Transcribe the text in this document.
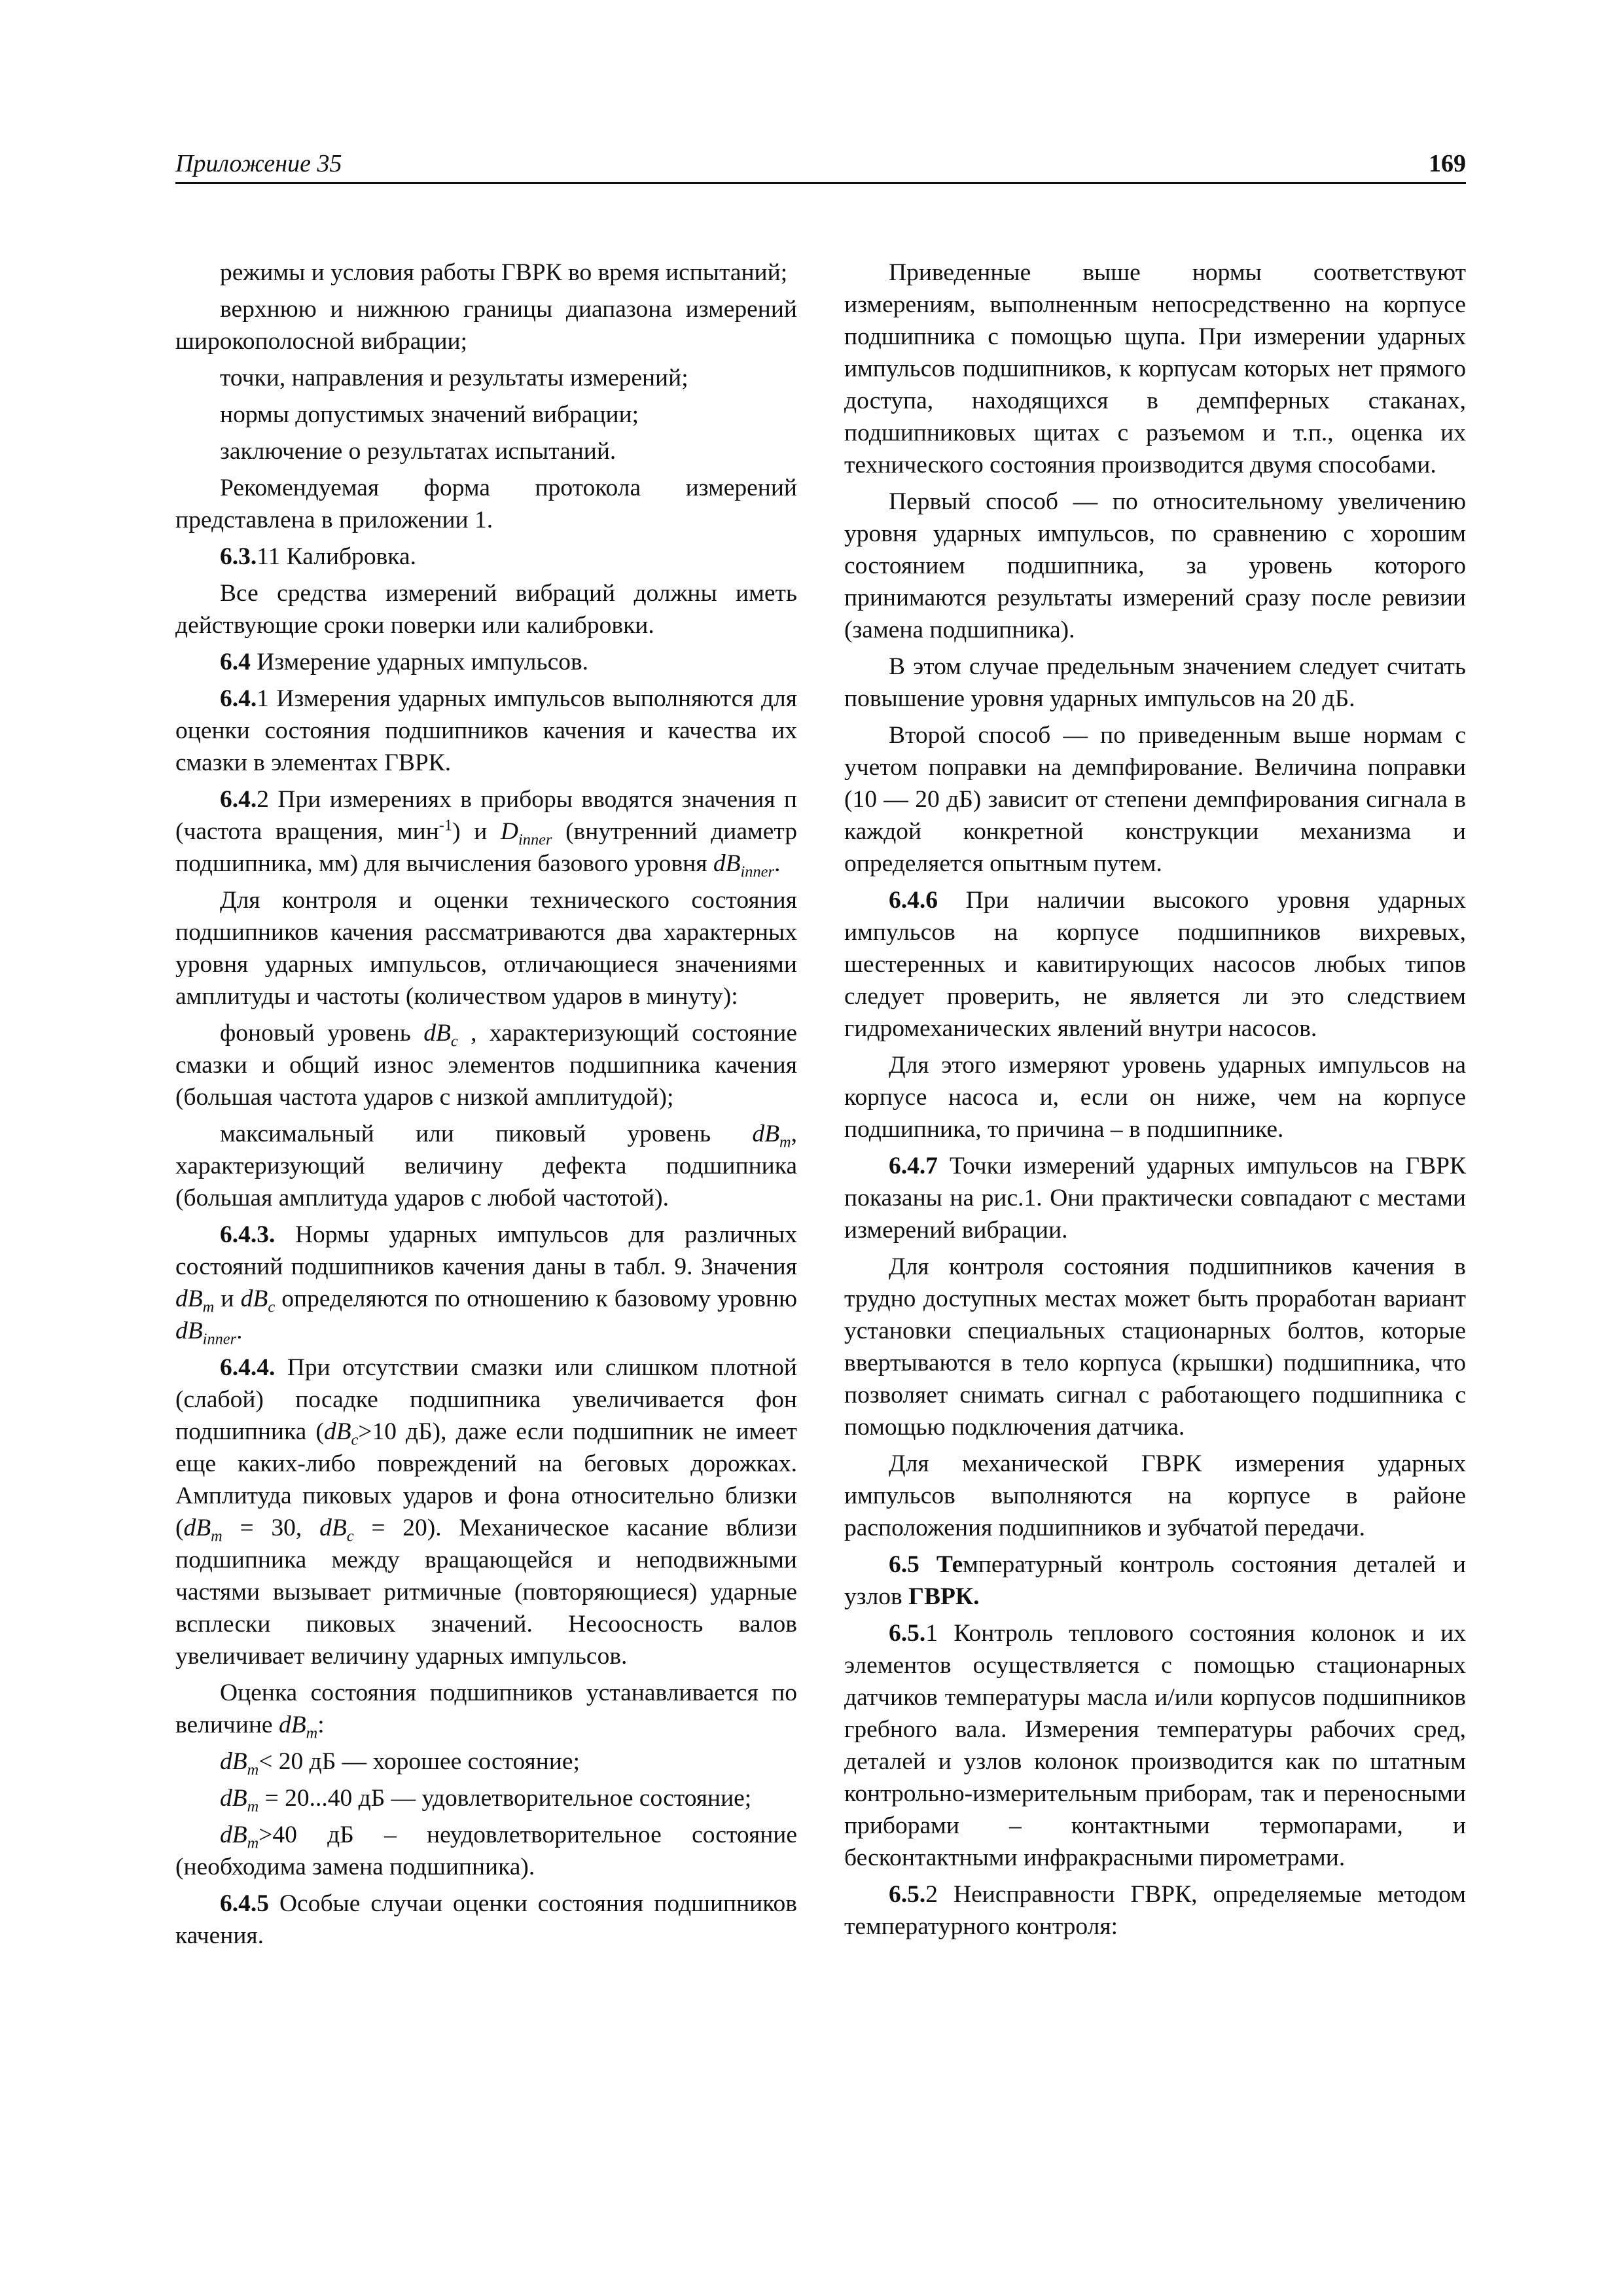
Приложение 35	169

режимы и условия работы ГВРК во время испытаний;

верхнюю и нижнюю границы диапазона измерений широкополосной вибрации;

точки, направления и результаты измерений;

нормы допустимых значений вибрации;

заключение о результатах испытаний.

Рекомендуемая форма протокола измерений представлена в приложении 1.

6.3.11 Калибровка.

Все средства измерений вибраций должны иметь действующие сроки поверки или калибровки.

6.4 Измерение ударных импульсов.

6.4.1 Измерения ударных импульсов выполняются для оценки состояния подшипников качения и качества их смазки в элементах ГВРК.

6.4.2 При измерениях в приборы вводятся значения п (частота вращения, мин$^{-1}$) и $D_{inner}$ (внутренний диаметр подшипника, мм) для вычисления базового уровня $dB_{inner}$.

Для контроля и оценки технического состояния подшипников качения рассматриваются два характерных уровня ударных импульсов, отличающиеся значениями амплитуды и частоты (количеством ударов в минуту):

фоновый уровень $dB_c$ , характеризующий состояние смазки и общий износ элементов подшипника качения (большая частота ударов с низкой амплитудой);

максимальный или пиковый уровень $dB_m$, характеризующий величину дефекта подшипника (большая амплитуда ударов с любой частотой).

6.4.3. Нормы ударных импульсов для различных состояний подшипников качения даны в табл. 9. Значения $dB_m$ и $dB_c$ определяются по отношению к базовому уровню $dB_{inner}$.

6.4.4. При отсутствии смазки или слишком плотной (слабой) посадке подшипника увеличивается фон подшипника ($dB_c>10$ дБ), даже если подшипник не имеет еще каких-либо повреждений на беговых дорожках. Амплитуда пиковых ударов и фона относительно близки ($dB_m = 30$, $dB_c = 20$). Механическое касание вблизи подшипника между вращающейся и неподвижными частями вызывает ритмичные (повторяющиеся) ударные всплески пиковых значений. Несоосность валов увеличивает величину ударных импульсов.

Оценка состояния подшипников устанавливается по величине $dB_m$:

$dB_m< 20$ дБ — хорошее состояние;

$dB_m = 20...40$ дБ — удовлетворительное состояние;

$dB_m>40$ дБ – неудовлетворительное состояние (необходима замена подшипника).

6.4.5 Особые случаи оценки состояния подшипников качения.

Приведенные выше нормы соответствуют измерениям, выполненным непосредственно на корпусе подшипника с помощью щупа. При измерении ударных импульсов подшипников, к корпусам которых нет прямого доступа, находящихся в демпферных стаканах, подшипниковых щитах с разъемом и т.п., оценка их технического состояния производится двумя способами.

Первый способ — по относительному увеличению уровня ударных импульсов, по сравнению с хорошим состоянием подшипника, за уровень которого принимаются результаты измерений сразу после ревизии (замена подшипника).

В этом случае предельным значением следует считать повышение уровня ударных импульсов на 20 дБ.

Второй способ — по приведенным выше нормам с учетом поправки на демпфирование. Величина поправки (10 — 20 дБ) зависит от степени демпфирования сигнала в каждой конкретной конструкции механизма и определяется опытным путем.

6.4.6 При наличии высокого уровня ударных импульсов на корпусе подшипников вихревых, шестеренных и кавитирующих насосов любых типов следует проверить, не является ли это следствием гидромеханических явлений внутри насосов.

Для этого измеряют уровень ударных импульсов на корпусе насоса и, если он ниже, чем на корпусе подшипника, то причина – в подшипнике.

6.4.7 Точки измерений ударных импульсов на ГВРК показаны на рис.1. Они практически совпадают с местами измерений вибрации.

Для контроля состояния подшипников качения в трудно доступных местах может быть проработан вариант установки специальных стационарных болтов, которые ввертываются в тело корпуса (крышки) подшипника, что позволяет снимать сигнал с работающего подшипника с помощью подключения датчика.

Для механической ГВРК измерения ударных импульсов выполняются на корпусе в районе расположения подшипников и зубчатой передачи.

6.5 Температурный контроль состояния деталей и узлов ГВРК.

6.5.1 Контроль теплового состояния колонок и их элементов осуществляется с помощью стационарных датчиков температуры масла и/или корпусов подшипников гребного вала. Измерения температуры рабочих сред, деталей и узлов колонок производится как по штатным контрольно-измерительным приборам, так и переносными приборами – контактными термопарами, и бесконтактными инфракрасными пирометрами.

6.5.2 Неисправности ГВРК, определяемые методом температурного контроля:
